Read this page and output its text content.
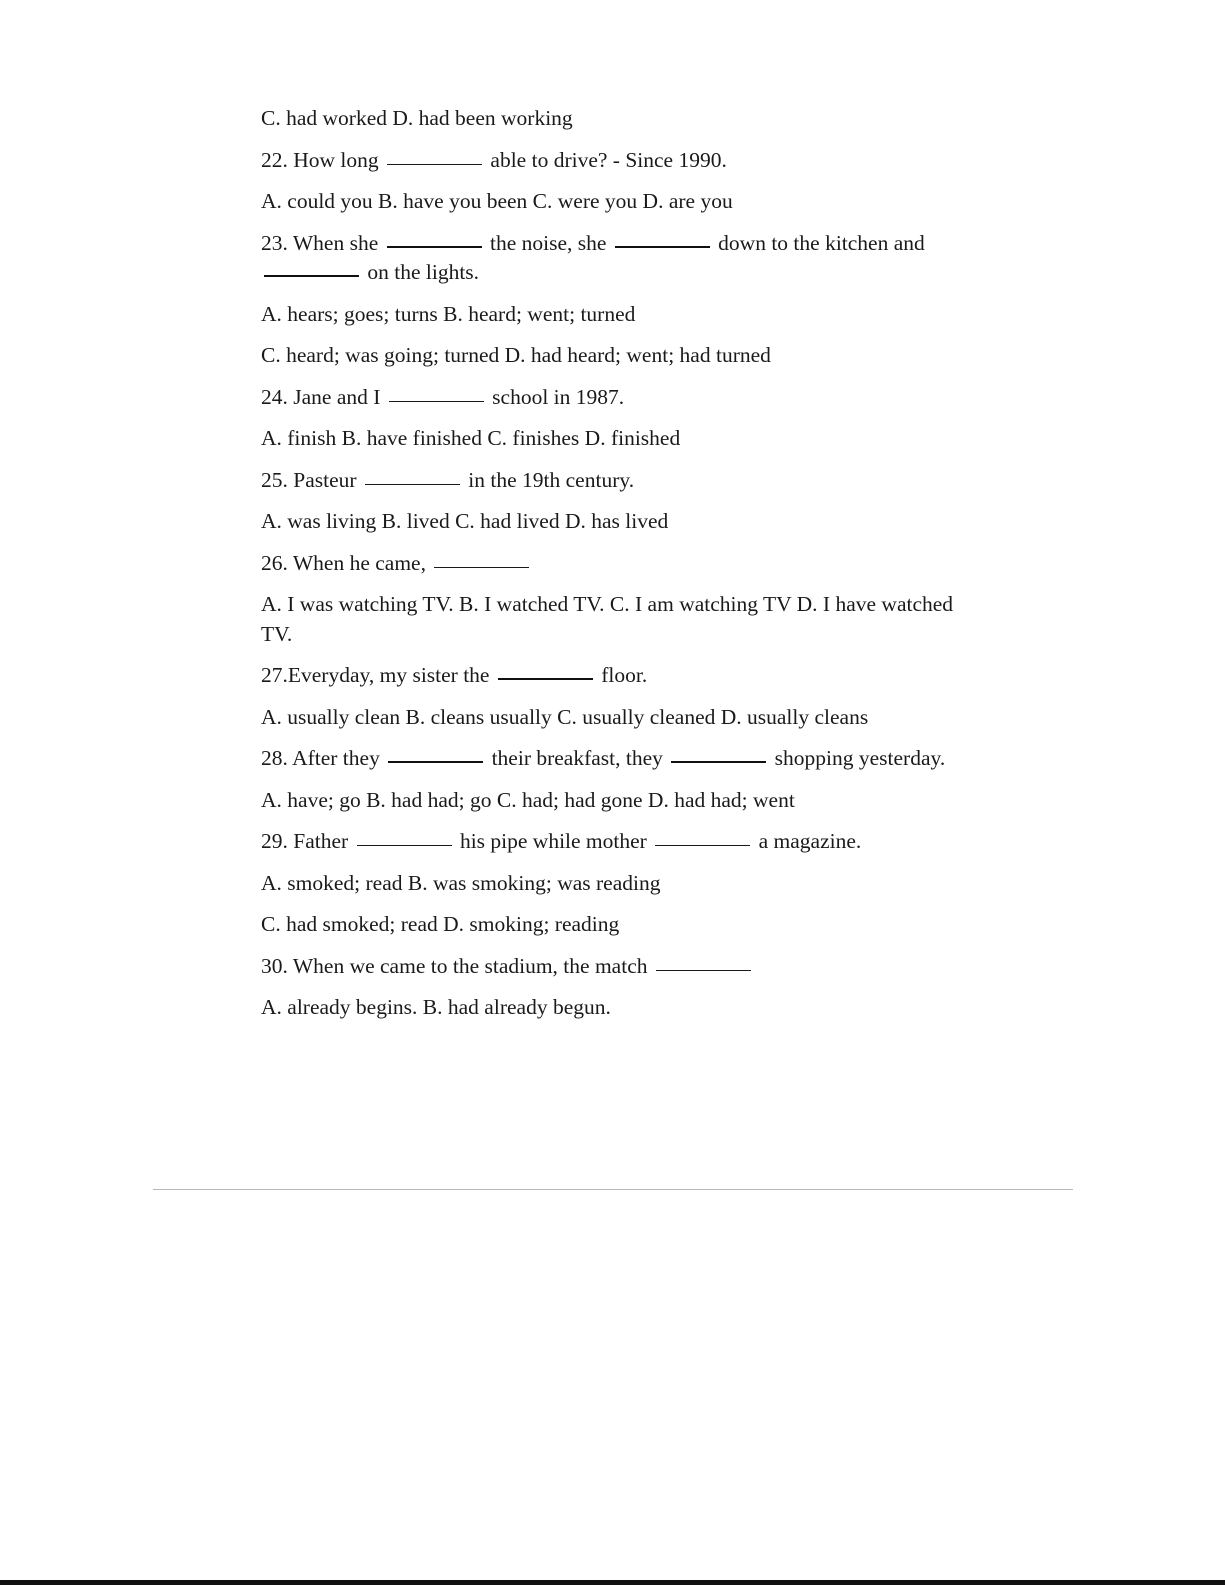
C. had worked D. had been working
22. How long	able to drive? - Since 1990.
A. could you B. have you been C. were you D. are you
23. When she	the noise, she	down to the kitchen and  on the lights.
A. hears; goes; turns B. heard; went; turned
C. heard; was going; turned D. had heard; went; had turned
24. Jane and I	school in 1987.
A. finish B. have finished C. finishes D. finished
25. Pasteur	in the 19th century.
A. was living B. lived C. had lived D. has lived
26. When he came,
A. I was watching TV. B. I watched TV. C. I am watching TV D. I have watched TV.
27.Everyday, my sister the	floor.
A. usually clean B. cleans usually C. usually cleaned D. usually cleans
28. After they	their breakfast, they	shopping yesterday.
A. have; go B. had had; go C. had; had gone D. had had; went
29. Father	his pipe while mother	a magazine.
A. smoked; read B. was smoking; was reading
C. had smoked; read D. smoking; reading
30. When we came to the stadium, the match
A. already begins. B. had already begun.
